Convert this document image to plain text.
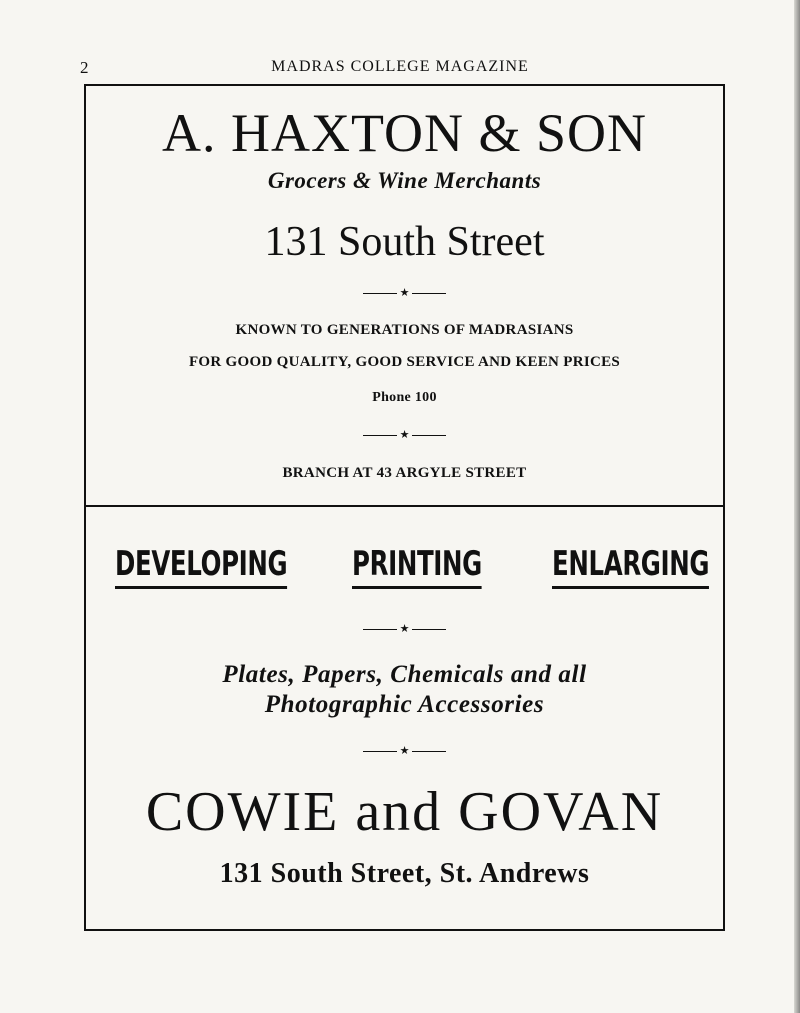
2	MADRAS COLLEGE MAGAZINE
A. HAXTON & SON
Grocers & Wine Merchants
131 South Street
★
KNOWN TO GENERATIONS OF MADRASIANS
FOR GOOD QUALITY, GOOD SERVICE AND KEEN PRICES
Phone 100
★
BRANCH AT 43 ARGYLE STREET
DEVELOPING PRINTING ENLARGING
★
Plates, Papers, Chemicals and all
Photographic Accessories
★
COWIE and GOVAN
131 South Street, St. Andrews
